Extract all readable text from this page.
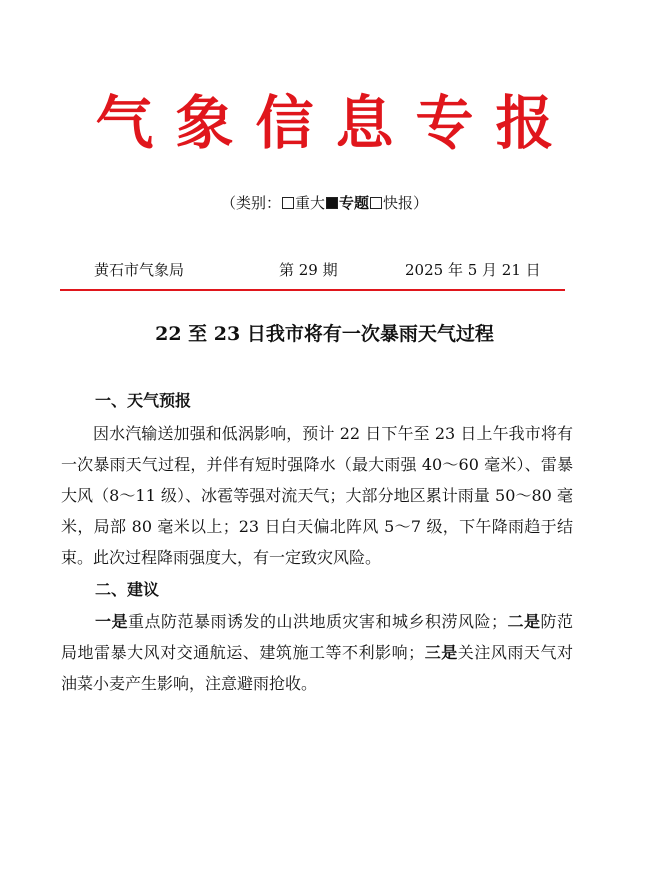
气象信息专报
（类别： 重大 专题 快报）
黄石市气象局	第 29 期	2025 年 5 月 21 日
22 至 23 日我市将有一次暴雨天气过程
一、天气预报

因水汽输送加强和低涡影响，预计 22 日下午至 23 日上午我市将有一次暴雨天气过程，并伴有短时强降水（最大雨强 40～60 毫米）、雷暴大风（8～11 级）、冰雹等强对流天气；大部分地区累计雨量 50～80 毫米，局部 80 毫米以上；23 日白天偏北阵风 5～7 级，下午降雨趋于结束。此次过程降雨强度大，有一定致灾风险。

二、建议

一是重点防范暴雨诱发的山洪地质灾害和城乡积涝风险；二是防范局地雷暴大风对交通航运、建筑施工等不利影响；三是关注风雨天气对油菜小麦产生影响，注意避雨抢收。
